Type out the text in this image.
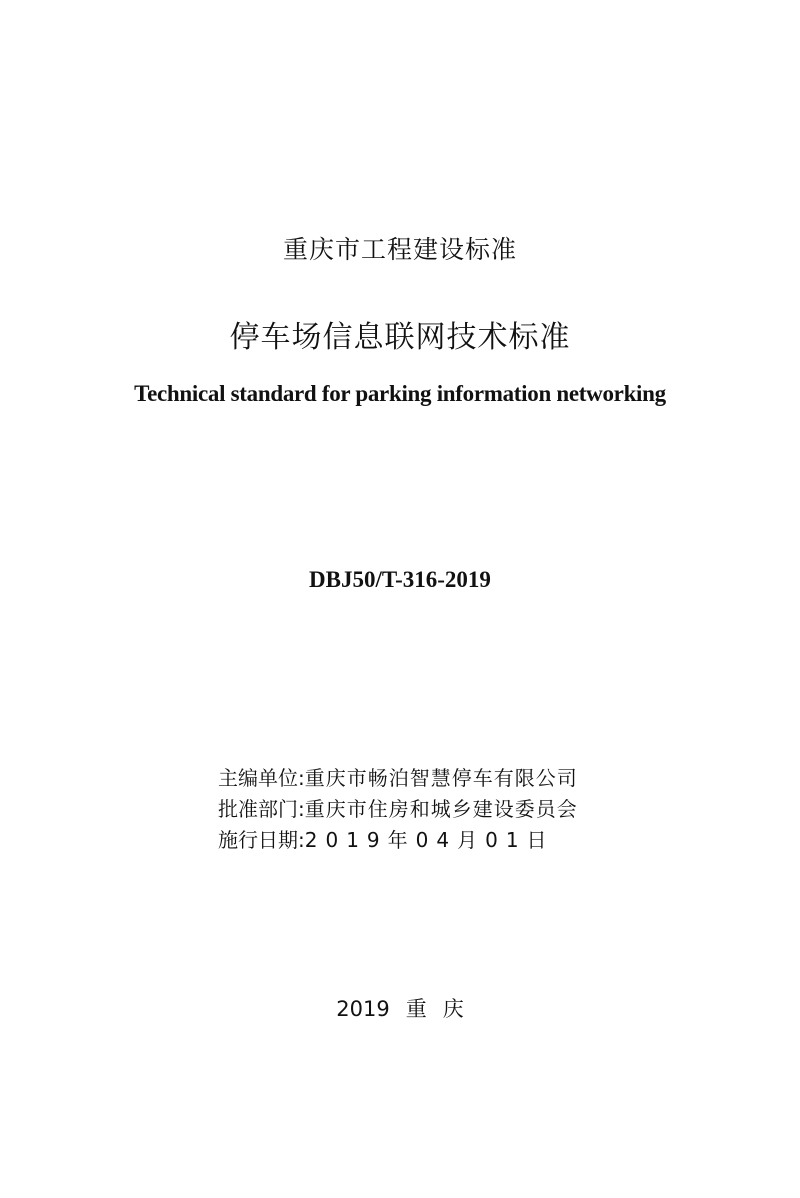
重庆市工程建设标准
停车场信息联网技术标准
Technical standard for parking information networking
DBJ50/T-316-2019
主编单位:重庆市畅泊智慧停车有限公司
批准部门:重庆市住房和城乡建设委员会
施行日期:2019年04月01日
2019 重 庆
